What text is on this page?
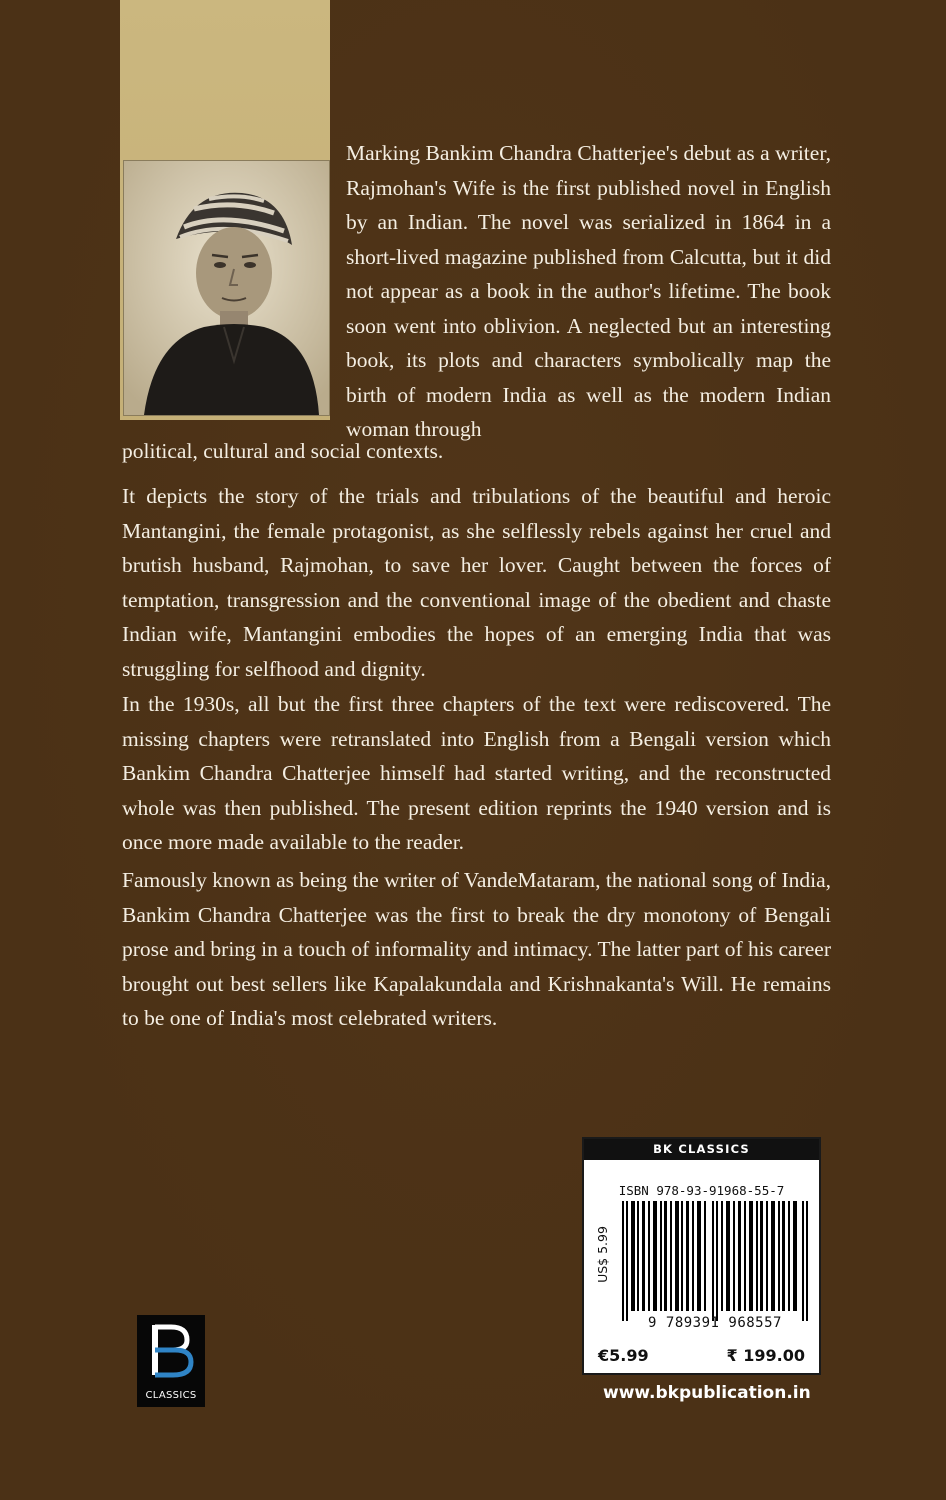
Marking Bankim Chandra Chatterjee's debut as a writer, Rajmohan's Wife is the first published novel in English by an Indian. The novel was serialized in 1864 in a short-lived magazine published from Calcutta, but it did not appear as a book in the author's lifetime. The book soon went into oblivion. A neglected but an interesting book, its plots and characters symbolically map the birth of modern India as well as the modern Indian woman through
political, cultural and social contexts.

It depicts the story of the trials and tribulations of the beautiful and heroic Mantangini, the female protagonist, as she selflessly rebels against her cruel and brutish husband, Rajmohan, to save her lover. Caught between the forces of temptation, transgression and the conventional image of the obedient and chaste Indian wife, Mantangini embodies the hopes of an emerging India that was struggling for selfhood and dignity.

In the 1930s, all but the first three chapters of the text were rediscovered. The missing chapters were retranslated into English from a Bengali version which Bankim Chandra Chatterjee himself had started writing, and the reconstructed whole was then published. The present edition reprints the 1940 version and is once more made available to the reader.

Famously known as being the writer of VandeMataram, the national song of India, Bankim Chandra Chatterjee was the first to break the dry monotony of Bengali prose and bring in a touch of informality and intimacy. The latter part of his career brought out best sellers like Kapalakundala and Krishnakanta's Will. He remains to be one of India's most celebrated writers.

CLASSICS
BK CLASSICS
ISBN 978-93-91968-55-7
US$ 5.99
9 789391 968557
€5.99	₹ 199.00
www.bkpublication.in
